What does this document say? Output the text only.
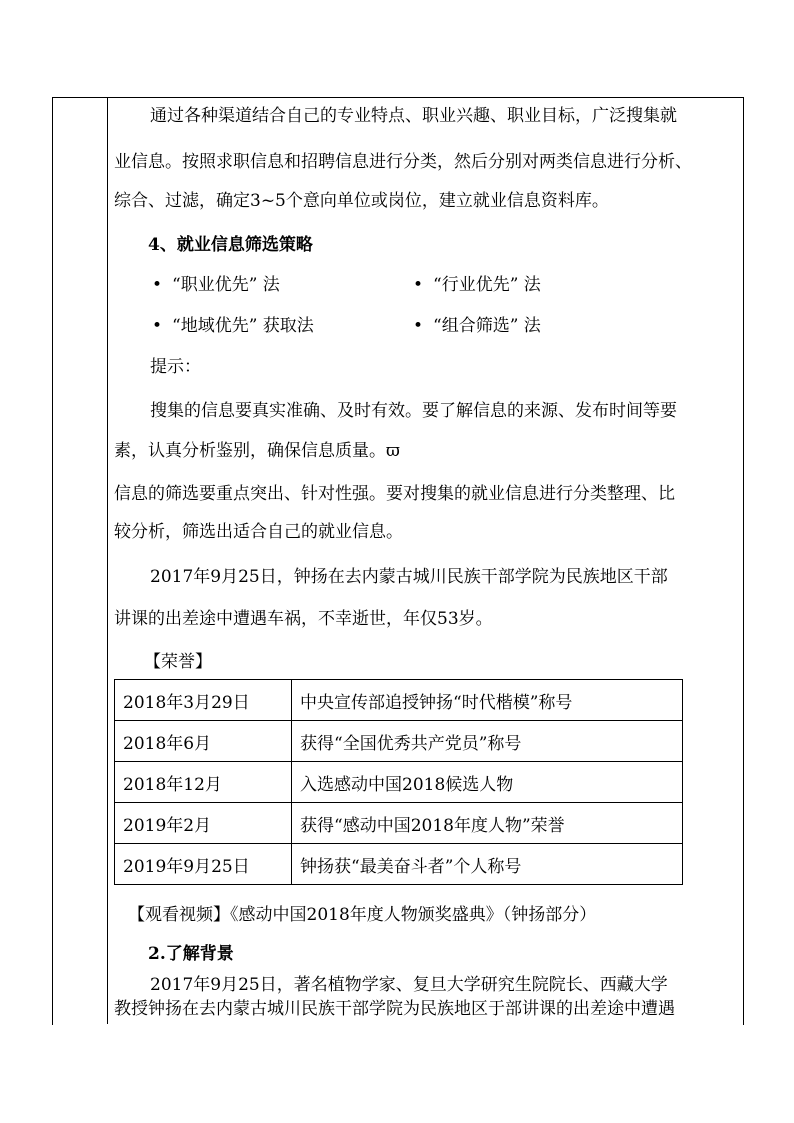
通过各种渠道结合自己的专业特点、职业兴趣、职业目标，广泛搜集就
业信息。按照求职信息和招聘信息进行分类，然后分别对两类信息进行分析、
综合、过滤，确定3~5个意向单位或岗位，建立就业信息资料库。
4、就业信息筛选策略
• “职业优先” 法	• “行业优先” 法
• “地域优先” 获取法	• “组合筛选” 法
提示：
搜集的信息要真实准确、及时有效。要了解信息的来源、发布时间等要
素，认真分析鉴别，确保信息质量。ϖ
信息的筛选要重点突出、针对性强。要对搜集的就业信息进行分类整理、比
较分析，筛选出适合自己的就业信息。
2017年9月25日，钟扬在去内蒙古城川民族干部学院为民族地区干部
讲课的出差途中遭遇车祸，不幸逝世，年仅53岁。
【荣誉】
2018年3月29日	中央宣传部追授钟扬“时代楷模”称号
2018年6月	获得“全国优秀共产党员”称号
2018年12月	入选感动中国2018候选人物
2019年2月	获得“感动中国2018年度人物”荣誉
2019年9月25日	钟扬获“最美奋斗者”个人称号
【观看视频】《感动中国2018年度人物颁奖盛典》（钟扬部分）
2.了解背景
2017年9月25日，著名植物学家、复旦大学研究生院院长、西藏大学
教授钟扬在去内蒙古城川民族干部学院为民族地区于部讲课的出差途中遭遇
